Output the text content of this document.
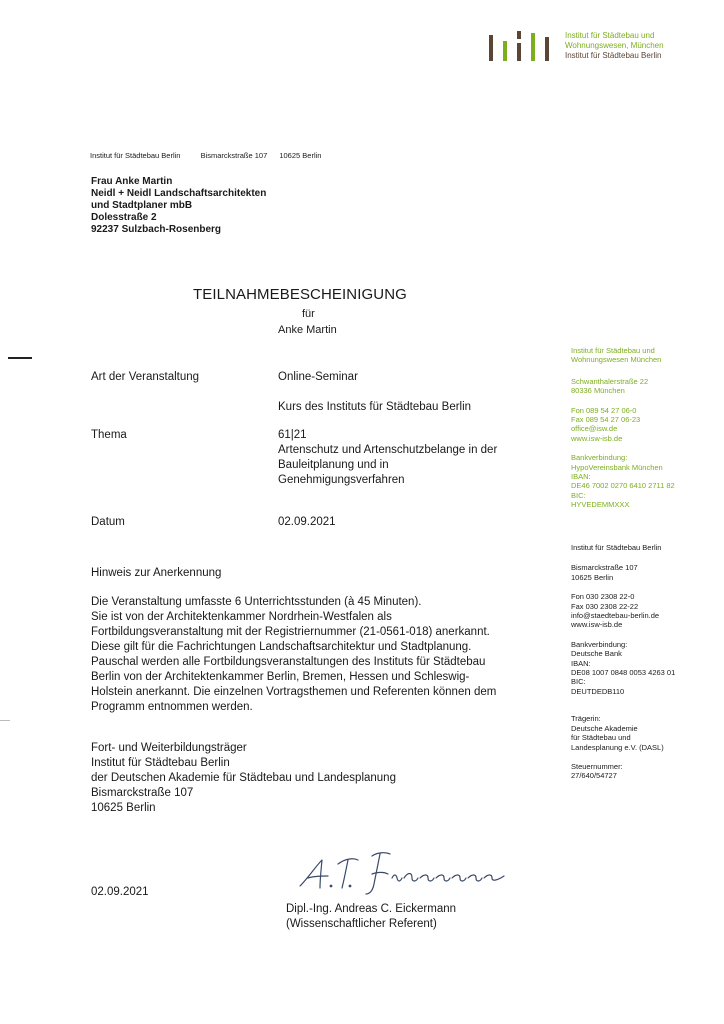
Institut für Städtebau und
Wohnungswesen, München
Institut für Städtebau Berlin
Institut für Städtebau Berlin	Bismarckstraße 107 10625 Berlin
Frau Anke Martin
Neidl + Neidl Landschaftsarchitekten
und Stadtplaner mbB
Dolesstraße 2
92237 Sulzbach-Rosenberg
TEILNAHMEBESCHEINIGUNG
für
Anke Martin
Art der Veranstaltung	Online-Seminar
Kurs des Instituts für Städtebau Berlin
Thema	61|21
Artenschutz und Artenschutzbelange in der
Bauleitplanung und in
Genehmigungsverfahren
Datum	02.09.2021
Hinweis zur Anerkennung
Die Veranstaltung umfasste 6 Unterrichtsstunden (à 45 Minuten).
Sie ist von der Architektenkammer Nordrhein-Westfalen als
Fortbildungsveranstaltung mit der Registriernummer (21-0561-018) anerkannt.
Diese gilt für die Fachrichtungen Landschaftsarchitektur und Stadtplanung.
Pauschal werden alle Fortbildungsveranstaltungen des Instituts für Städtebau
Berlin von der Architektenkammer Berlin, Bremen, Hessen und Schleswig-
Holstein anerkannt. Die einzelnen Vortragsthemen und Referenten können dem
Programm entnommen werden.
Fort- und Weiterbildungsträger
Institut für Städtebau Berlin
der Deutschen Akademie für Städtebau und Landesplanung
Bismarckstraße 107
10625 Berlin
02.09.2021
Dipl.-Ing. Andreas C. Eickermann
(Wissenschaftlicher Referent)
Institut für Städtebau und
Wohnungswesen München
Schwanthalerstraße 22
80336 München
Fon 089 54 27 06-0
Fax 089 54 27 06-23
office@isw.de
www.isw-isb.de
Bankverbindung:
HypoVereinsbank München
IBAN:
DE46 7002 0270 6410 2711 82
BIC:
HYVEDEMMXXX
Institut für Städtebau Berlin
Bismarckstraße 107
10625 Berlin
Fon 030 2308 22-0
Fax 030 2308 22-22
info@staedtebau-berlin.de
www.isw-isb.de
Bankverbindung:
Deutsche Bank
IBAN:
DE08 1007 0848 0053 4263 01
BIC:
DEUTDEDB110
Trägerin:
Deutsche Akademie
für Städtebau und
Landesplanung e.V. (DASL)
Steuernummer:
27/640/54727
